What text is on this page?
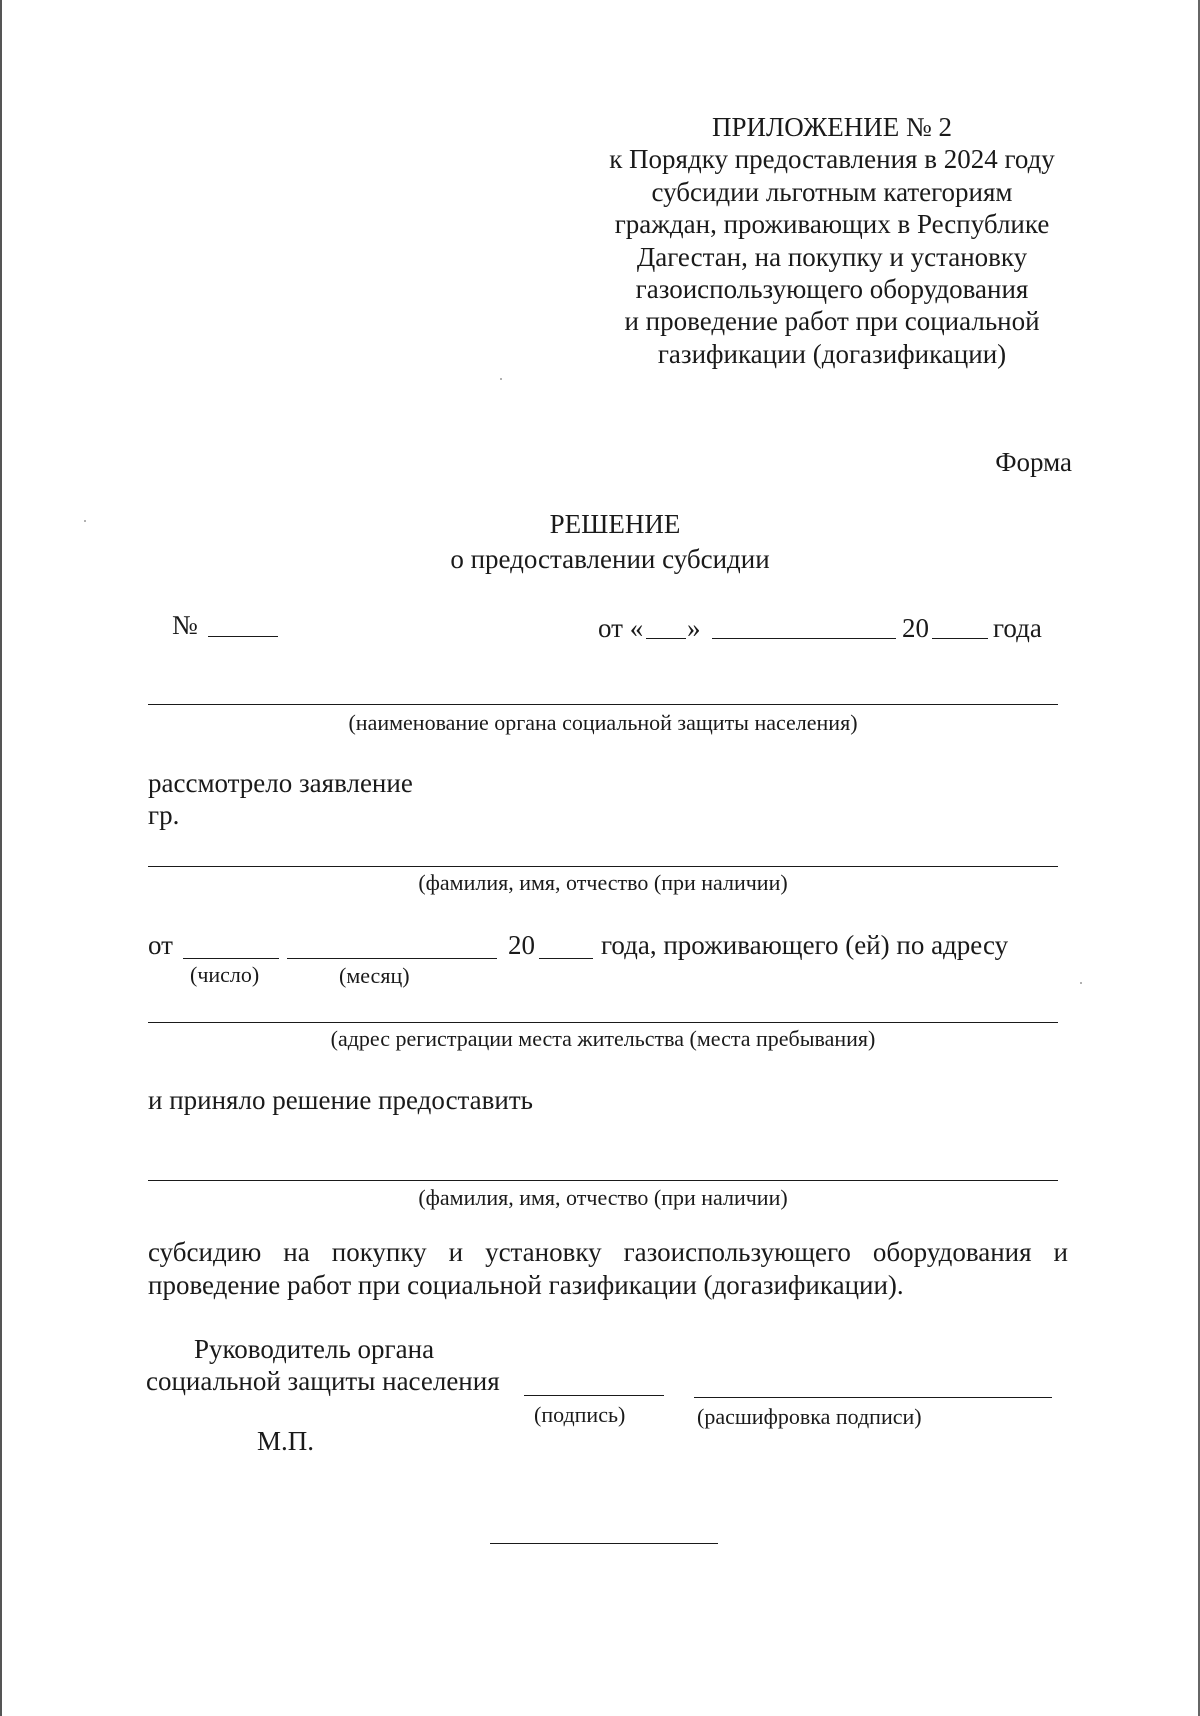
ПРИЛОЖЕНИЕ № 2
к Порядку предоставления в 2024 году
субсидии льготным категориям
граждан, проживающих в Республике
Дагестан, на покупку и установку
газоиспользующего оборудования
и проведение работ при социальной
газификации (догазификации)
Форма
РЕШЕНИЕ
о предоставлении субсидии
№	от « »	20 года
(наименование органа социальной защиты населения)
рассмотрело заявление
гр.
(фамилия, имя, отчество (при наличии)
от	20 года, проживающего (ей) по адресу
(число)	(месяц)
(адрес регистрации места жительства (места пребывания)
и приняло решение предоставить
(фамилия, имя, отчество (при наличии)
субсидию на покупку и установку газоиспользующего оборудования и проведение работ при социальной газификации (догазификации).
Руководитель органа
социальной защиты населения
(подпись)	(расшифровка подписи)
М.П.
